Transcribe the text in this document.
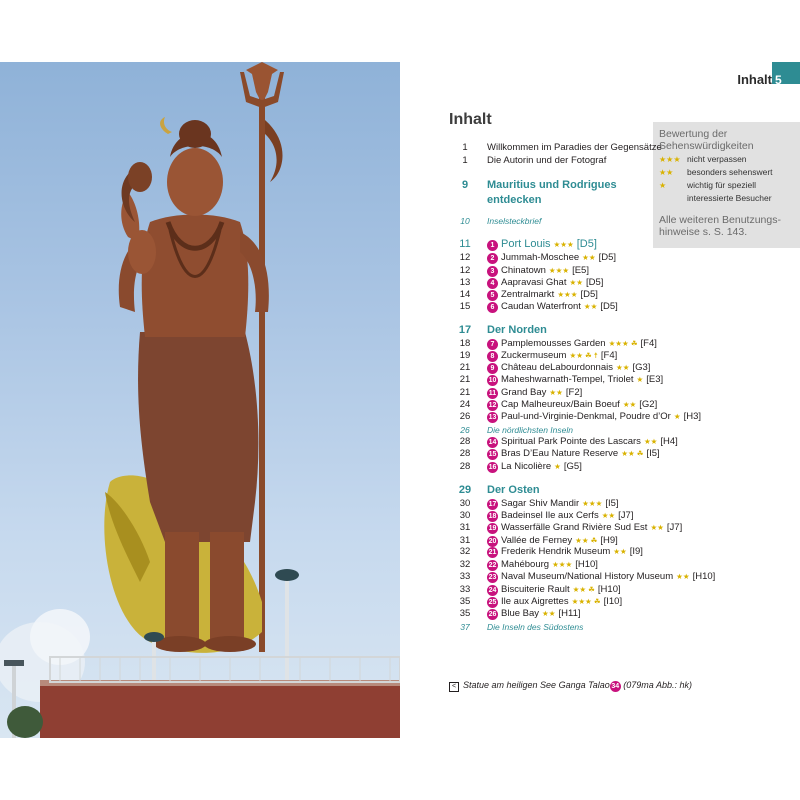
Inhalt 5
Inhalt
Bewertung der Sehenswürdigkeiten
★★★ nicht verpassen
★★ besonders sehenswert
★ wichtig für speziell
interessierte Besucher
Alle weiteren Benutzungs-hinweise s. S. 143.
1	Willkommen im Paradies der Gegensätze
1	Die Autorin und der Fotograf
9	Mauritius und Rodrigues
entdecken
10	Inselsteckbrief
11	1 Port Louis ★★★ [D5]
12	2 Jummah-Moschee ★★ [D5]
12	3 Chinatown ★★★ [E5]
13	4 Aapravasi Ghat ★★ [D5]
14	5 Zentralmarkt ★★★ [D5]
15	6 Caudan Waterfront ★★ [D5]
17	Der Norden
18	7 Pamplemousses Garden ★★★ ☘ [F4]
19	8 Zuckermuseum ★★ ☘ ☨ [F4]
21	9 Château deLabourdonnais ★★ [G3]
21	10 Maheshwarnath-Tempel, Triolet ★ [E3]
21	11 Grand Bay ★★ [F2]
24	12 Cap Malheureux/Bain Boeuf ★★ [G2]
26	13 Paul-und-Virginie-Denkmal, Poudre d’Or ★ [H3]
26	Die nördlichsten Inseln
28	14 Spiritual Park Pointe des Lascars ★★ [H4]
28	15 Bras D’Eau Nature Reserve ★★ ☘ [I5]
28	16 La Nicolière ★ [G5]
29	Der Osten
30	17 Sagar Shiv Mandir ★★★ [I5]
30	18 Badeinsel Ile aux Cerfs ★★ [J7]
31	19 Wasserfälle Grand Rivière Sud Est ★★ [J7]
31	20 Vallée de Ferney ★★ ☘ [H9]
32	21 Frederik Hendrik Museum ★★ [I9]
32	22 Mahébourg ★★★ [H10]
33	23 Naval Museum/National History Museum ★★ [H10]
33	24 Biscuiterie Rault ★★ ☘ [H10]
35	25 Ile aux Aigrettes ★★★ ☘ [I10]
35	26 Blue Bay ★★ [H11]
37	Die Inseln des Südostens
< Statue am heiligen See Ganga Talao 34 (079ma Abb.: hk)
